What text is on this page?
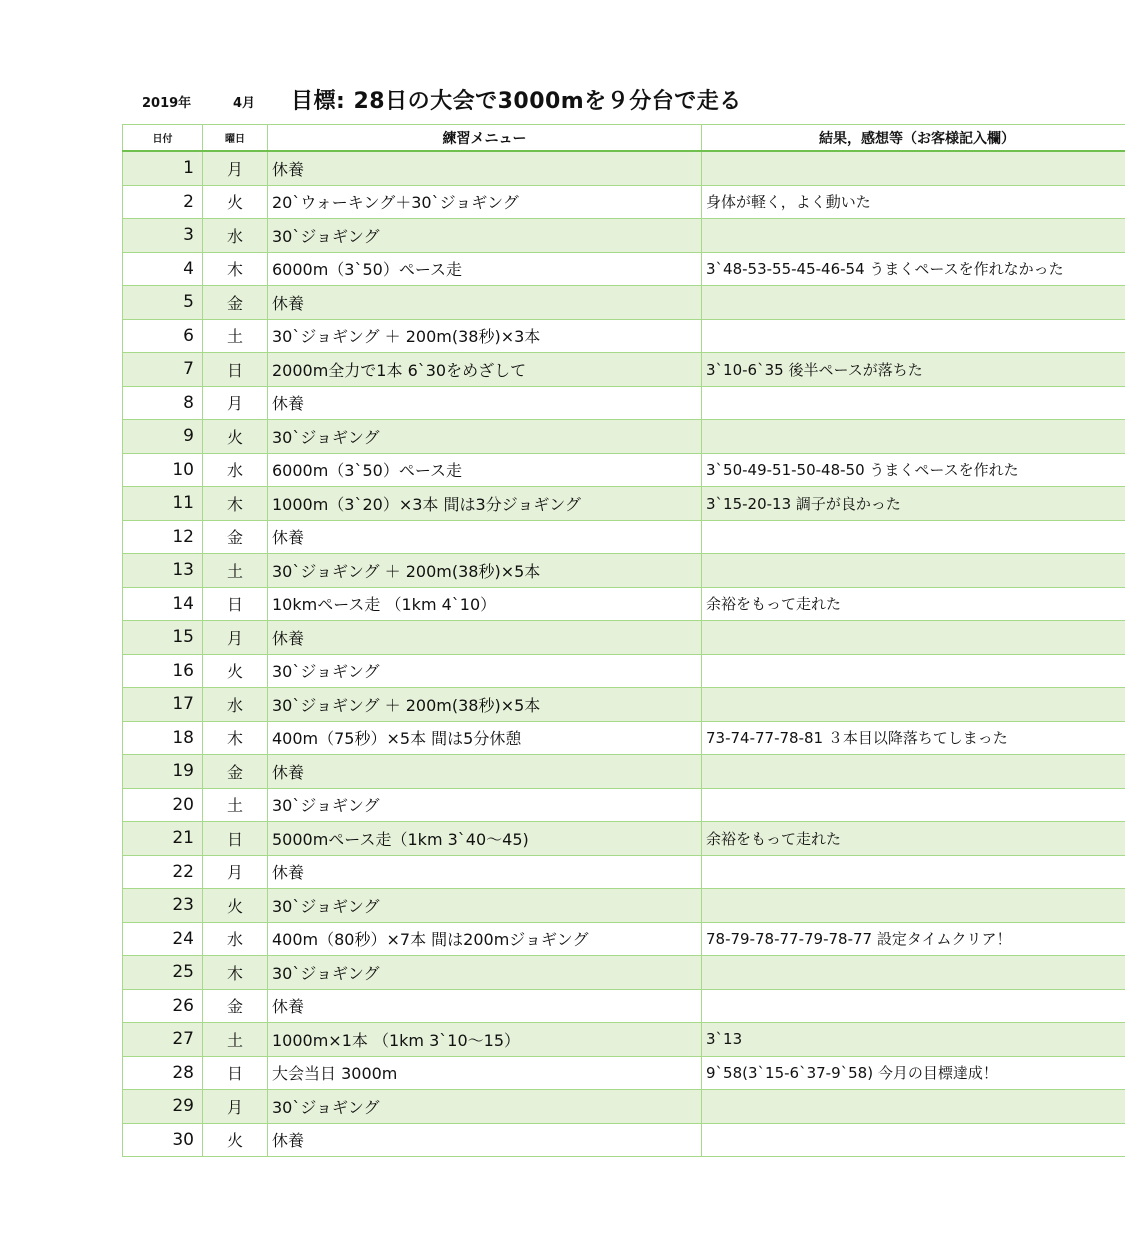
2019年	4月 目標: 28日の大会で3000mを９分台で走る
日付	曜日	練習メニュー	結果，感想等（お客様記入欄）
1	月	休養	
2	火	20`ウォーキング＋30`ジョギング	身体が軽く，よく動いた
3	水	30`ジョギング	
4	木	6000m（3`50）ペース走	3`48-53-55-45-46-54 うまくペースを作れなかった
5	金	休養	
6	土	30`ジョギング ＋ 200m(38秒)×3本	
7	日	2000m全力で1本 6`30をめざして	3`10-6`35 後半ペースが落ちた
8	月	休養	
9	火	30`ジョギング	
10	水	6000m（3`50）ペース走	3`50-49-51-50-48-50 うまくペースを作れた
11	木	1000m（3`20）×3本 間は3分ジョギング	3`15-20-13 調子が良かった
12	金	休養	
13	土	30`ジョギング ＋ 200m(38秒)×5本	
14	日	10kmペース走 （1km 4`10）	余裕をもって走れた
15	月	休養	
16	火	30`ジョギング	
17	水	30`ジョギング ＋ 200m(38秒)×5本	
18	木	400m（75秒）×5本 間は5分休憩	73-74-77-78-81 ３本目以降落ちてしまった
19	金	休養	
20	土	30`ジョギング	
21	日	5000mペース走（1km 3`40～45)	余裕をもって走れた
22	月	休養	
23	火	30`ジョギング	
24	水	400m（80秒）×7本 間は200mジョギング	78-79-78-77-79-78-77 設定タイムクリア！
25	木	30`ジョギング	
26	金	休養	
27	土	1000m×1本 （1km 3`10～15）	3`13
28	日	大会当日 3000m	9`58(3`15-6`37-9`58) 今月の目標達成！
29	月	30`ジョギング	
30	火	休養	
